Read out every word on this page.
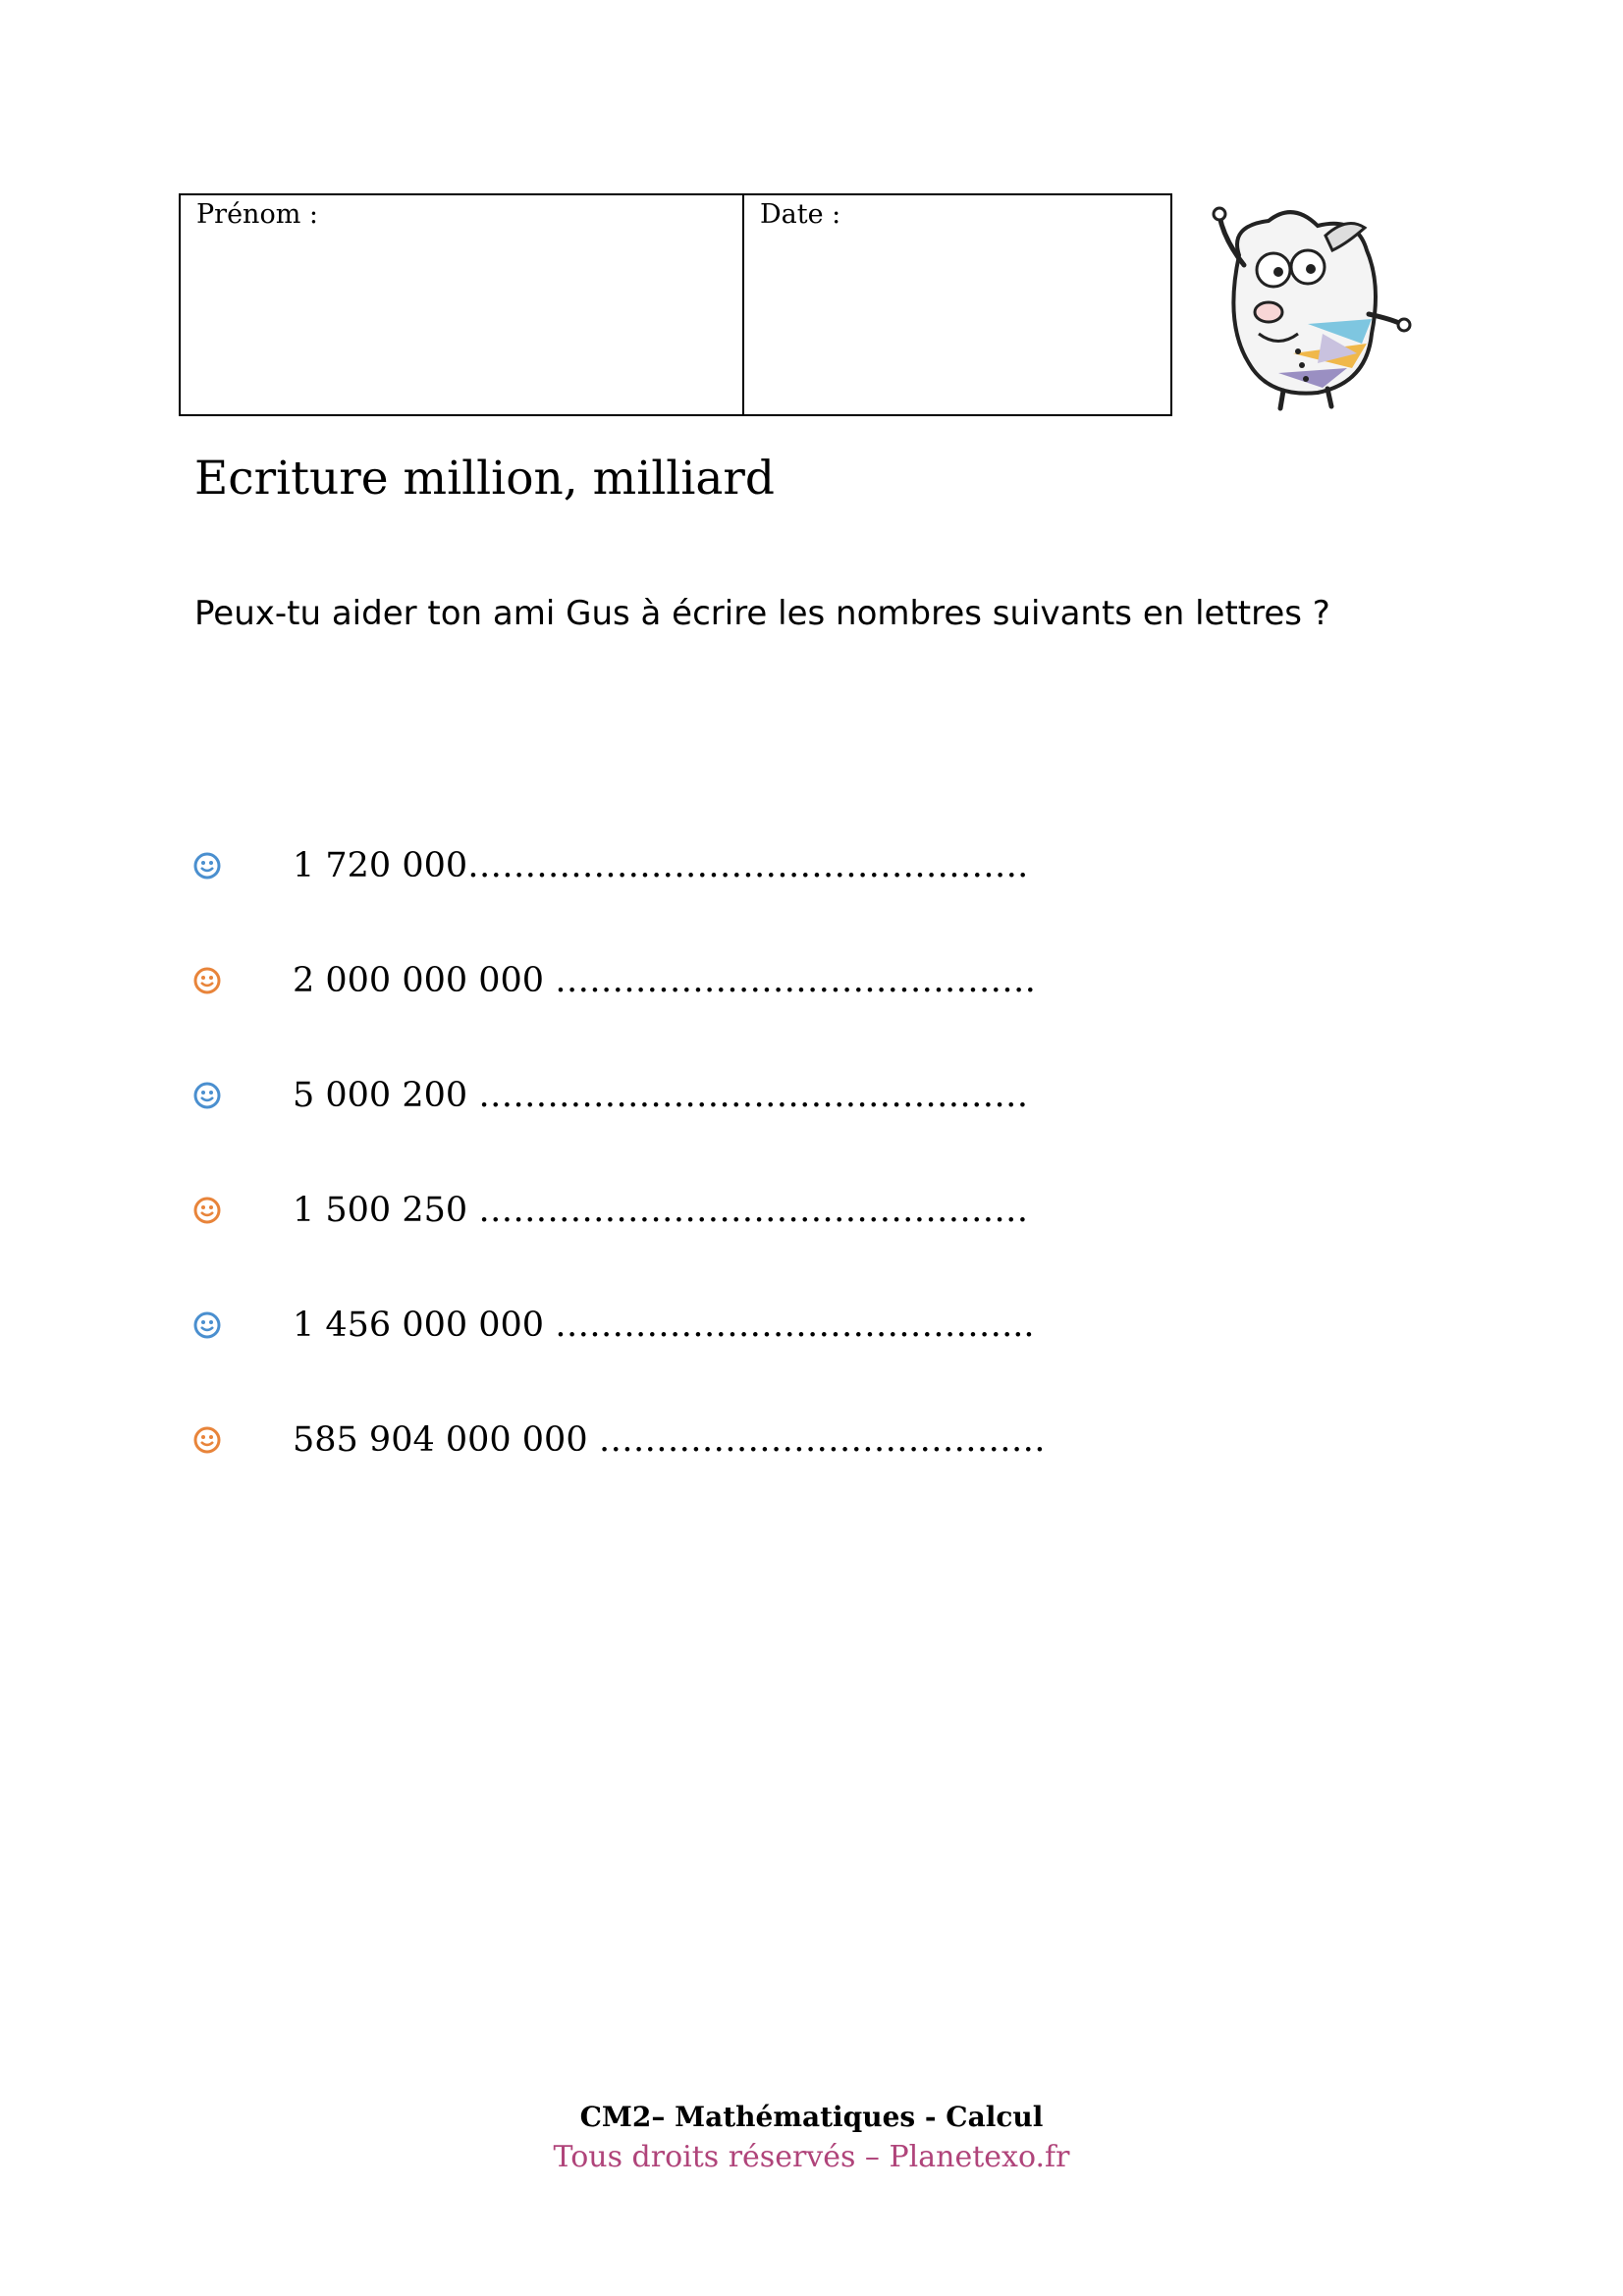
Prénom :	Date :
Ecriture million, milliard

Peux-tu aider ton ami Gus à écrire les nombres suivants en lettres ?

1 720 000………………………………………….
2 000 000 000 ……………………………………
5 000 200 …………………………………………
1 500 250 …………………………………………
1 456 000 000 …………………………………...
585 904 000 000 …………………………………
CM2– Mathématiques - Calcul
Tous droits réservés – Planetexo.fr
